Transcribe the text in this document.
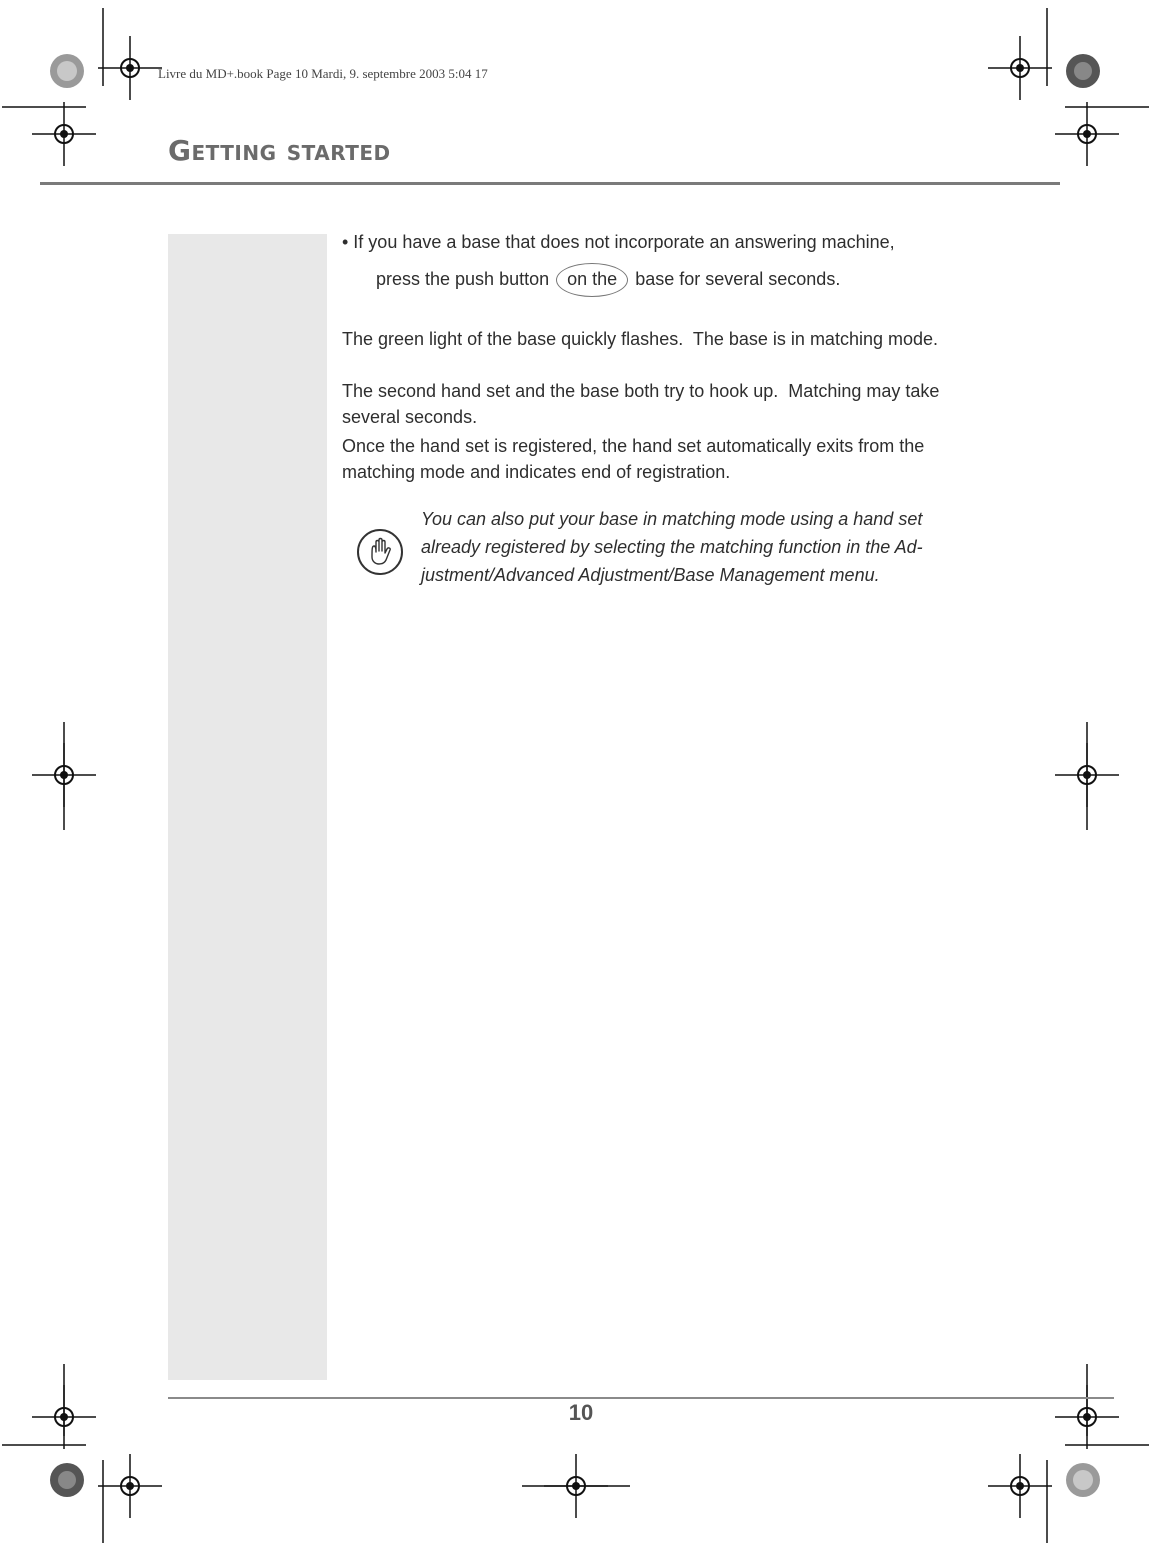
Livre du MD+.book Page 10 Mardi, 9. septembre 2003 5:04 17
Getting started
• If you have a base that does not incorporate an answering machine,
press the push button on the base for several seconds.
The green light of the base quickly flashes.  The base is in matching mode.
The second hand set and the base both try to hook up.  Matching may take
several seconds.
Once the hand set is registered, the hand set automatically exits from the
matching mode and indicates end of registration.
You can also put your base in matching mode using a hand set
already registered by selecting the matching function in the Ad-
justment/Advanced Adjustment/Base Management menu.
10
